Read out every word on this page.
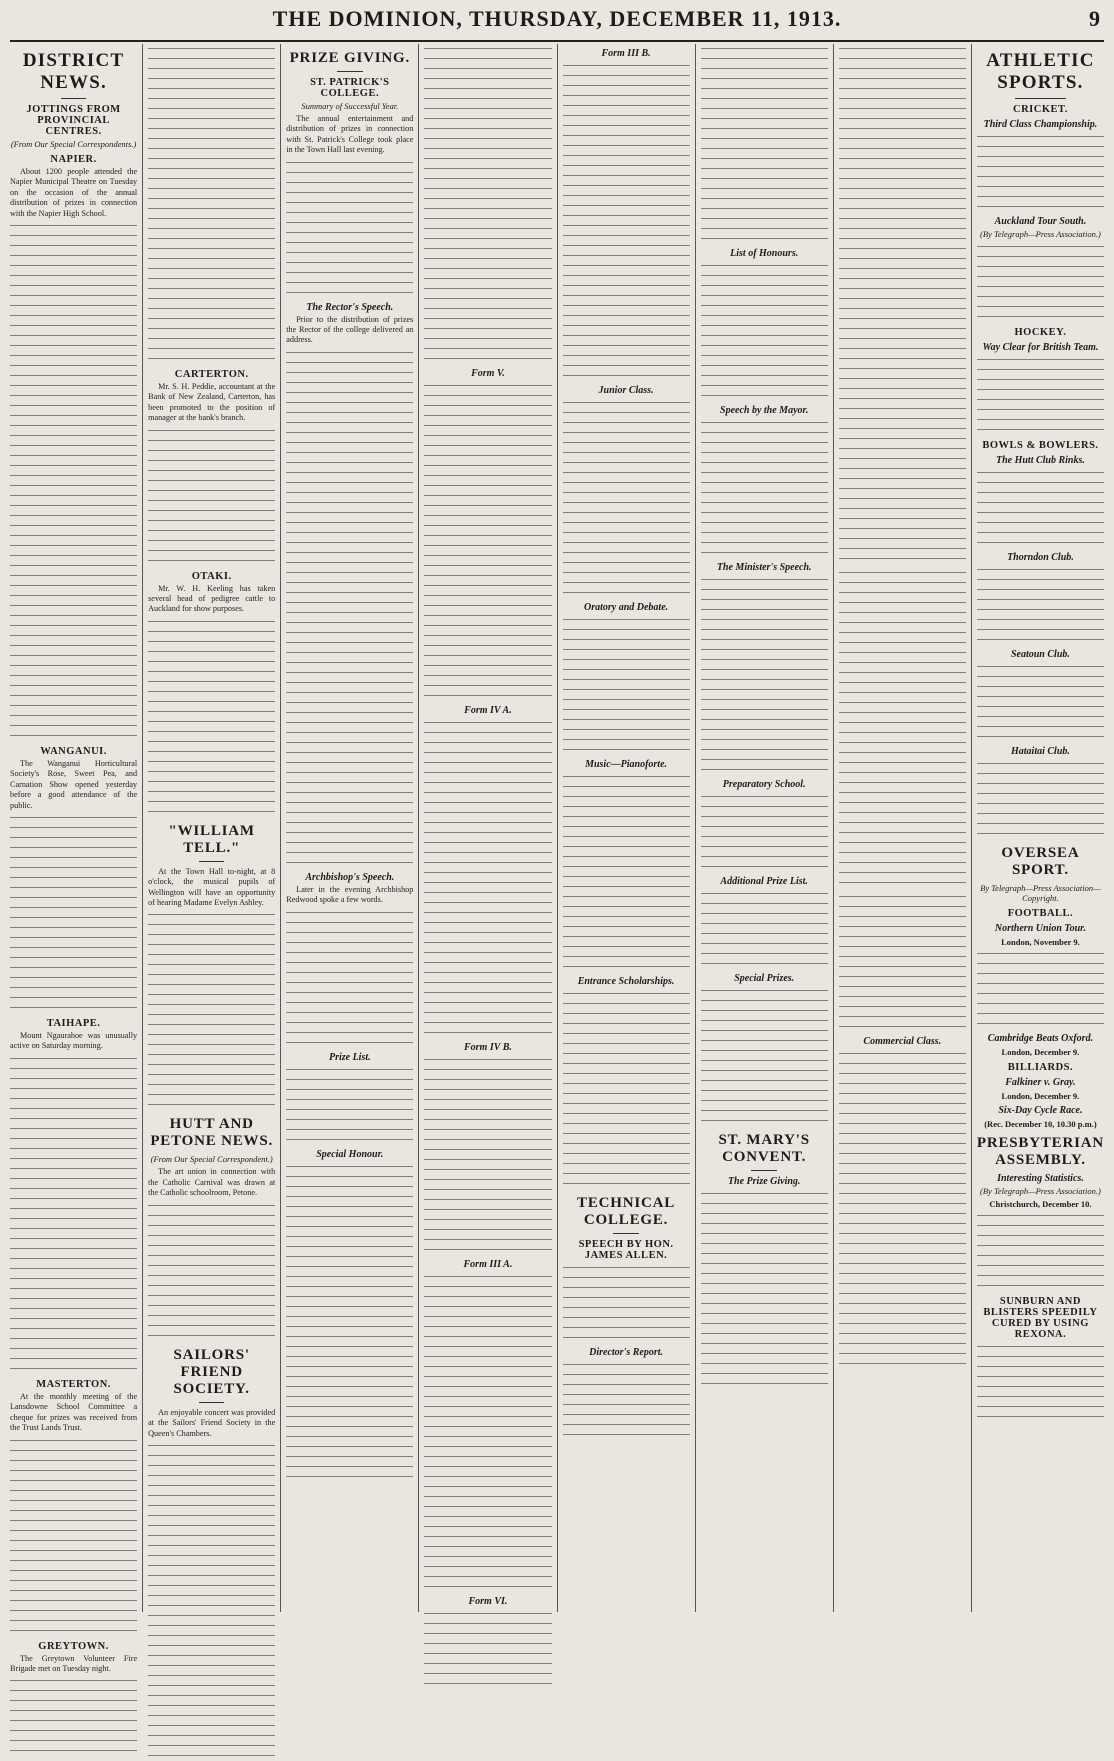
THE DOMINION, THURSDAY, DECEMBER 11, 1913.	9
DISTRICT NEWS.
JOTTINGS FROM PROVINCIAL CENTRES.
(From Our Special Correspondents.)
NAPIER.

About 1200 people attended the Napier Municipal Theatre on Tuesday on the occasion of the annual distribution of prizes in connection with the Napier High School.

WANGANUI.

The Wanganui Horticultural Society's Rose, Sweet Pea, and Carnation Show opened yesterday before a good attendance of the public.

TAIHAPE.

Mount Ngaurahoe was unusually active on Saturday morning.

MASTERTON.

At the monthly meeting of the Lansdowne School Committee a cheque for prizes was received from the Trust Lands Trust.

GREYTOWN.

The Greytown Volunteer Fire Brigade met on Tuesday night.

CARTERTON.

Mr. S. H. Peddie, accountant at the Bank of New Zealand, Carterton, has been promoted to the position of manager at the bank's branch.

OTAKI.

Mr. W. H. Keeling has taken several head of pedigree cattle to Auckland for show purposes.

"WILLIAM TELL."

At the Town Hall to-night, at 8 o'clock, the musical pupils of Wellington will have an opportunity of hearing Madame Evelyn Ashley.

HUTT AND PETONE NEWS.
(From Our Special Correspondent.)

The art union in connection with the Catholic Carnival was drawn at the Catholic schoolroom, Petone.

SAILORS' FRIEND SOCIETY.

An enjoyable concert was provided at the Sailors' Friend Society in the Queen's Chambers.

PRIZE GIVING.
ST. PATRICK'S COLLEGE.
Summary of Successful Year.

The annual entertainment and distribution of prizes in connection with St. Patrick's College took place in the Town Hall last evening.

The Rector's Speech.

Prior to the distribution of prizes the Rector of the college delivered an address.

Archbishop's Speech.

Later in the evening Archbishop Redwood spoke a few words.

Prize List.
Special Honour.
Form V.
Form IV A.
Form IV B.
Form III A.
Form VI.
Form III B.
Junior Class.
Oratory and Debate.
Music—Pianoforte.
Entrance Scholarships.
TECHNICAL COLLEGE.
SPEECH BY HON. JAMES ALLEN.
Director's Report.
List of Honours.
Speech by the Mayor.
The Minister's Speech.
Preparatory School.
Additional Prize List.
Special Prizes.
ST. MARY'S CONVENT.
The Prize Giving.
Commercial Class.
ATHLETIC SPORTS.
CRICKET.
Third Class Championship.
Auckland Tour South.
(By Telegraph—Press Association.)
HOCKEY.
Way Clear for British Team.
BOWLS & BOWLERS.
The Hutt Club Rinks.
Thorndon Club.
Seatoun Club.
Hataitai Club.
OVERSEA SPORT.
By Telegraph—Press Association—Copyright.
FOOTBALL.
Northern Union Tour.
London, November 9.
Cambridge Beats Oxford.
London, December 9.
BILLIARDS.
Falkiner v. Gray.
London, December 9.
Six-Day Cycle Race.
(Rec. December 10, 10.30 p.m.)
PRESBYTERIAN ASSEMBLY.
Interesting Statistics.
(By Telegraph—Press Association.)
Christchurch, December 10.
SUNBURN AND BLISTERS SPEEDILY CURED BY USING REXONA.
